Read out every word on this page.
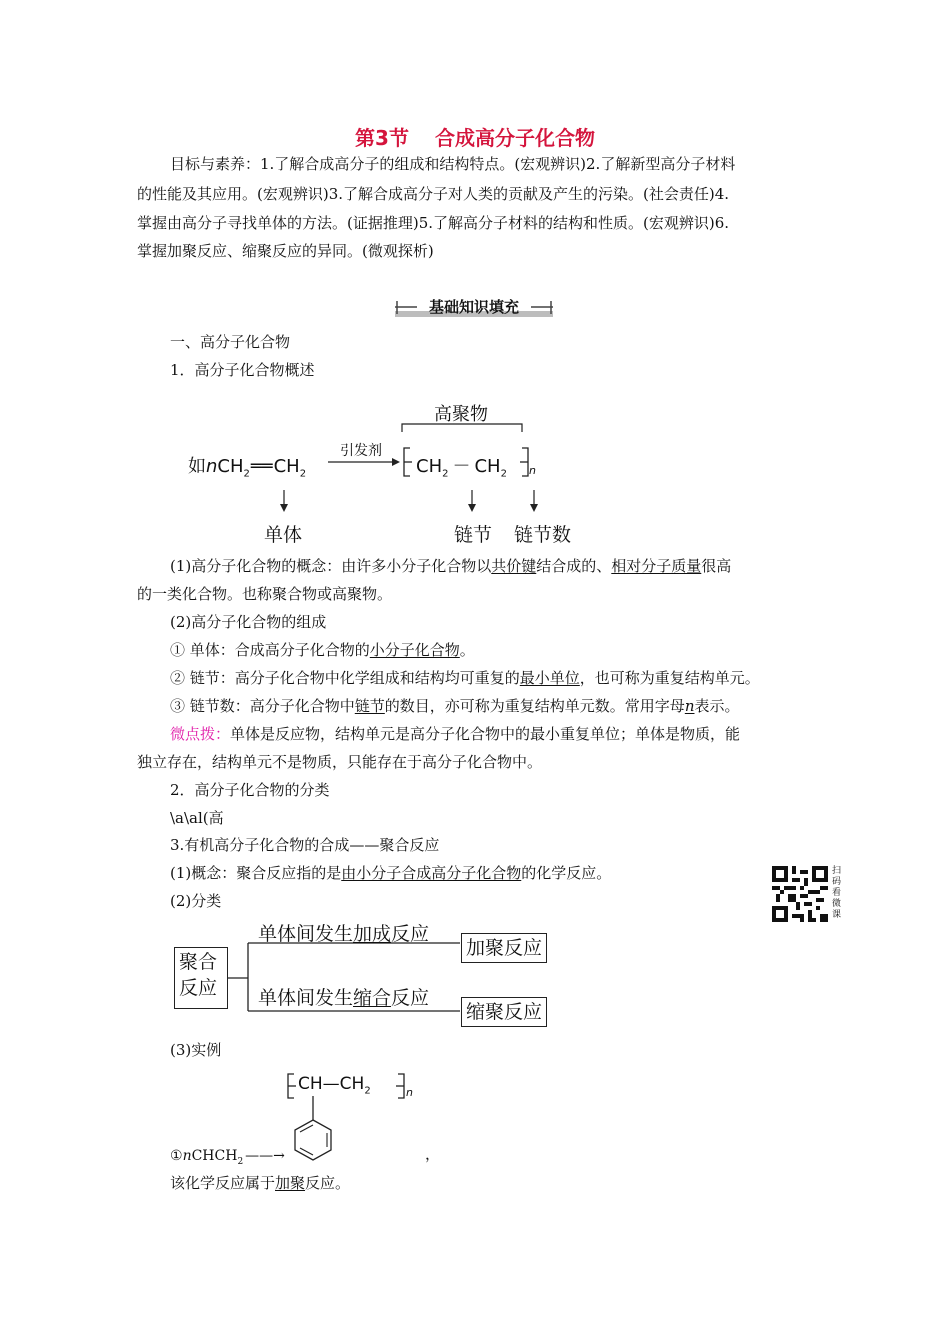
第3节 合成高分子化合物
目标与素养：1.了解合成高分子的组成和结构特点。(宏观辨识)2.了解新型高分子材料
的性能及其应用。(宏观辨识)3.了解合成高分子对人类的贡献及产生的污染。(社会责任)4.
掌握由高分子寻找单体的方法。(证据推理)5.了解高分子材料的结构和性质。(宏观辨识)6.
掌握加聚反应、缩聚反应的异同。(微观探析)
基础知识填充
一、高分子化合物
1．高分子化合物概述
高聚物
引发剂
如$nCH_2══CH_2$	$CH_2 - CH_2$ n
单体	链节 链节数
(1)高分子化合物的概念：由许多小分子化合物以共价键结合成的、相对分子质量很高
的一类化合物。也称聚合物或高聚物。
(2)高分子化合物的组成
① 单体：合成高分子化合物的小分子化合物。
② 链节：高分子化合物中化学组成和结构均可重复的最小单位，也可称为重复结构单元。
③ 链节数：高分子化合物中链节的数目，亦可称为重复结构单元数。常用字母n表示。
微点拨：单体是反应物，结构单元是高分子化合物中的最小重复单位；单体是物质，能
独立存在，结构单元不是物质，只能存在于高分子化合物中。
2．高分子化合物的分类
\a\al(高
3.有机高分子化合物的合成——聚合反应
(1)概念：聚合反应指的是由小分子合成高分子化合物的化学反应。
(2)分类
扫
码
看
微
课
聚合
反应
单体间发生加成反应
加聚反应
单体间发生缩合反应
缩聚反应
(3)实例
$CH—CH_2$	n
①nCHCH$_2$ ——→	，
该化学反应属于加聚反应。
